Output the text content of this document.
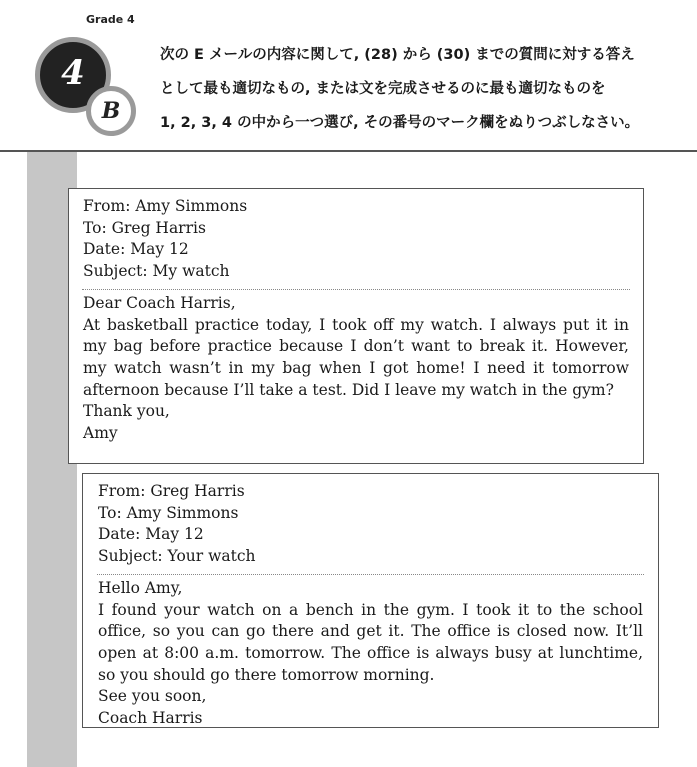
Grade 4
4
B
次の E メールの内容に関して, (28) から (30) までの質問に対する答え
として最も適切なもの, または文を完成させるのに最も適切なものを
1, 2, 3, 4 の中から一つ選び, その番号のマーク欄をぬりつぶしなさい。
From: Amy Simmons
To: Greg Harris
Date: May 12
Subject: My watch

Dear Coach Harris,

At basketball practice today, I took off my watch. I always put it in my bag before practice because I don’t want to break it. However, my watch wasn’t in my bag when I got home! I need it tomorrow afternoon because I’ll take a test. Did I leave my watch in the gym?

Thank you,

Amy

From: Greg Harris
To: Amy Simmons
Date: May 12
Subject: Your watch

Hello Amy,

I found your watch on a bench in the gym. I took it to the school office, so you can go there and get it. The office is closed now. It’ll open at 8:00 a.m. tomorrow. The office is always busy at lunchtime, so you should go there tomorrow morning.

See you soon,

Coach Harris
